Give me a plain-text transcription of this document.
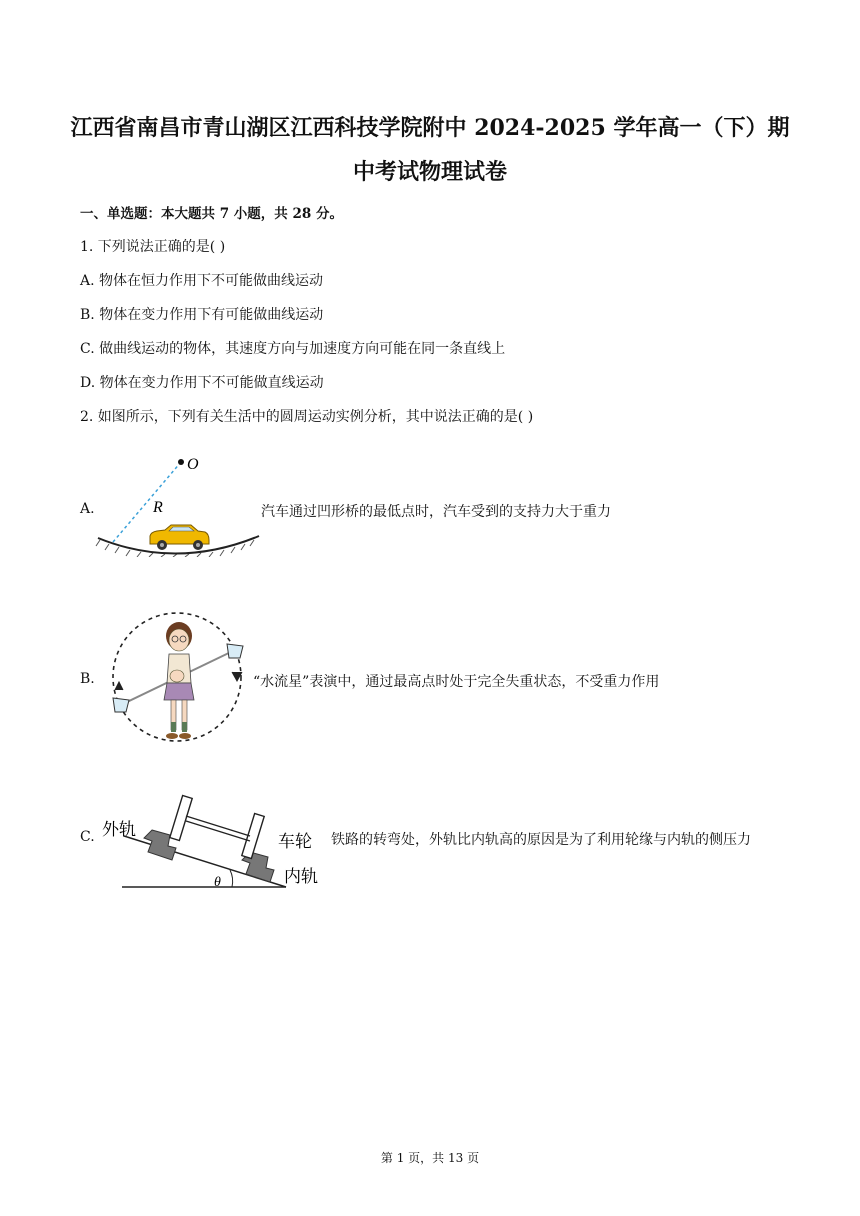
江西省南昌市青山湖区江西科技学院附中 2024-2025 学年高一（下）期
中考试物理试卷
一、单选题：本大题共 7 小题，共 28 分。
1. 下列说法正确的是( )
A. 物体在恒力作用下不可能做曲线运动
B. 物体在变力作用下有可能做曲线运动
C. 做曲线运动的物体，其速度方向与加速度方向可能在同一条直线上
D. 物体在变力作用下不可能做直线运动
2. 如图所示，下列有关生活中的圆周运动实例分析，其中说法正确的是( )
A.
O
R	汽车通过凹形桥的最低点时，汽车受到的支持力大于重力
B.	“水流星”表演中，通过最高点时处于完全失重状态，不受重力作用
C.
θ
外轨
车轮
内轨
铁路的转弯处，外轨比内轨高的原因是为了利用轮缘与内轨的侧压力
第 1 页，共 13 页
